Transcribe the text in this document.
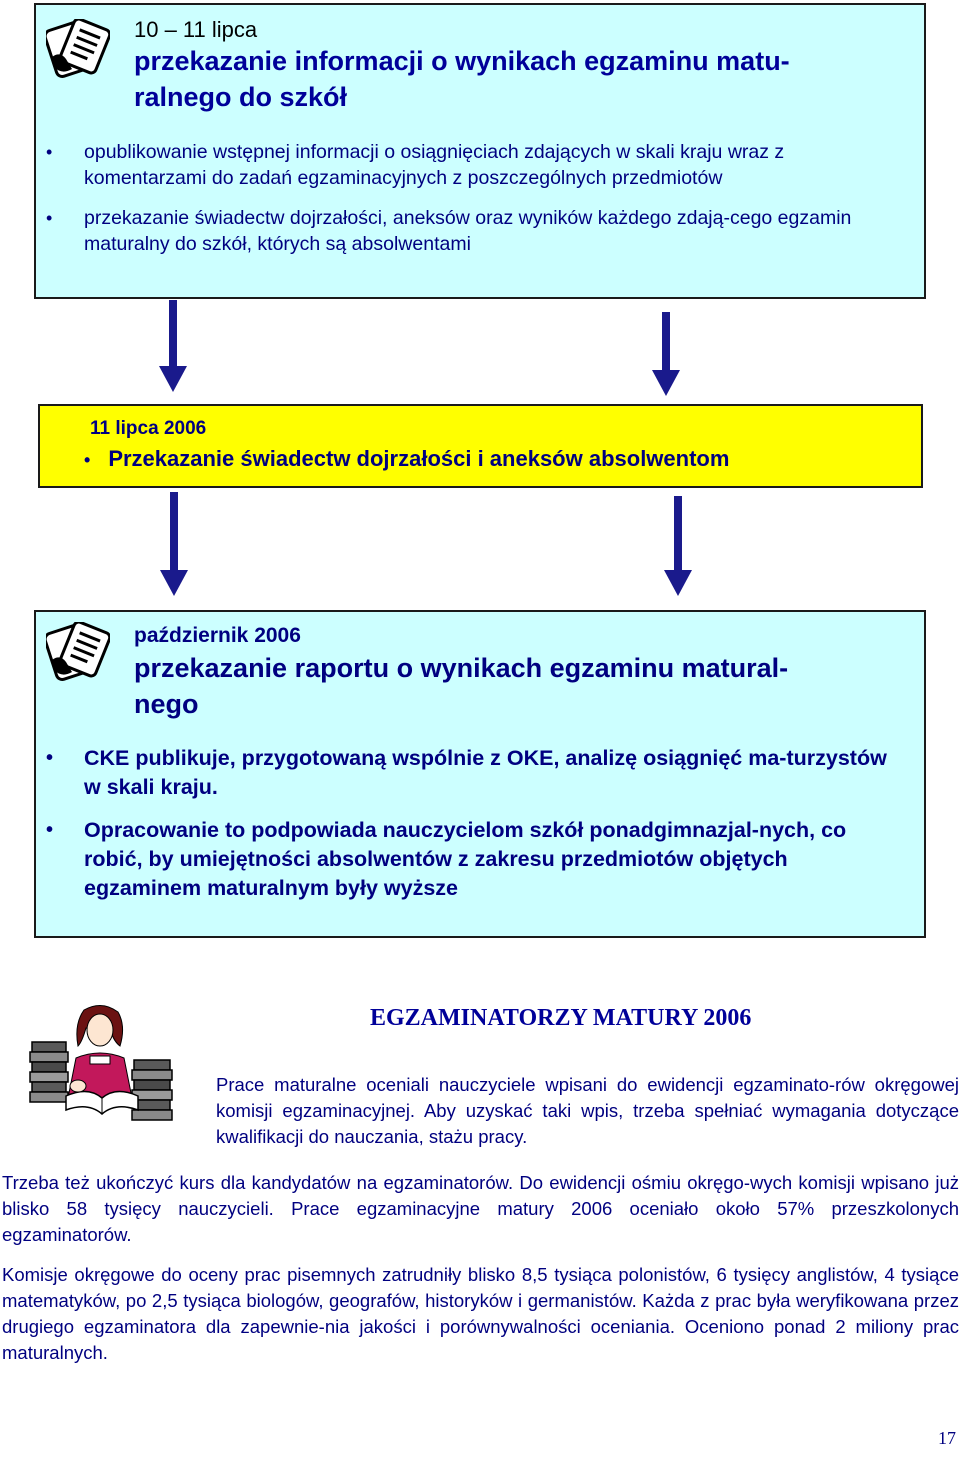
10 – 11 lipca
przekazanie informacji o wynikach egzaminu matu-
ralnego do szkół
• opublikowanie wstępnej informacji o osiągnięciach zdających w skali kraju wraz z komentarzami do zadań egzaminacyjnych z poszczególnych przedmiotów
• przekazanie świadectw dojrzałości, aneksów oraz wyników każdego zdają-cego egzamin maturalny do szkół, których są absolwentami
11 lipca 2006
• Przekazanie świadectw dojrzałości i aneksów absolwentom
październik 2006
przekazanie raportu o wynikach egzaminu matural-
nego
• CKE publikuje, przygotowaną wspólnie z OKE, analizę osiągnięć ma-turzystów w skali kraju.
• Opracowanie to podpowiada nauczycielom szkół ponadgimnazjal-nych, co robić, by umiejętności absolwentów z zakresu przedmiotów objętych egzaminem maturalnym były wyższe
EGZAMINATORZY MATURY 2006

Prace maturalne oceniali nauczyciele wpisani do ewidencji egzaminato-rów okręgowej komisji egzaminacyjnej. Aby uzyskać taki wpis, trzeba spełniać wymagania dotyczące kwalifikacji do nauczania, stażu pracy.

Trzeba też ukończyć kurs dla kandydatów na egzaminatorów. Do ewidencji ośmiu okręgo-wych komisji wpisano już blisko 58 tysięcy nauczycieli. Prace egzaminacyjne matury 2006 oceniało około 57% przeszkolonych egzaminatorów.

Komisje okręgowe do oceny prac pisemnych zatrudniły blisko 8,5 tysiąca polonistów, 6 tysięcy anglistów, 4 tysiące matematyków, po 2,5 tysiąca biologów, geografów, historyków i germanistów. Każda z prac była weryfikowana przez drugiego egzaminatora dla zapewnie-nia jakości i porównywalności oceniania. Oceniono ponad 2 miliony prac maturalnych.

17
